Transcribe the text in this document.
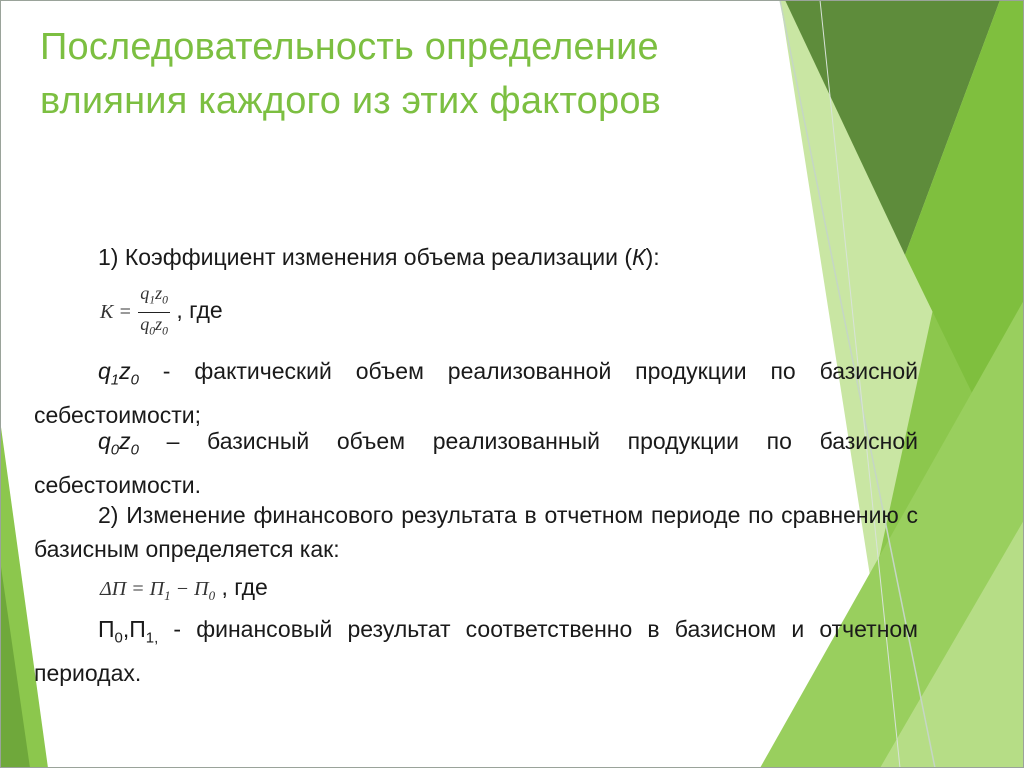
Последовательность определение
влияния каждого из этих факторов
1) Коэффициент изменения объема реализации (К):
$K = \frac{q_1z_0}{q_0z_0}$ , где
$q_1z_0$ - фактический объем реализованной продукции по базисной себестоимости;
$q_0z_0$ – базисный объем реализованный продукции по базисной себестоимости.
2) Изменение финансового результата в отчетном периоде по сравнению с базисным определяется как:
$\Delta П = П_1 - П_0$ , где
$П_0,П_{1,}$ - финансовый результат соответственно в базисном и отчетном периодах.
